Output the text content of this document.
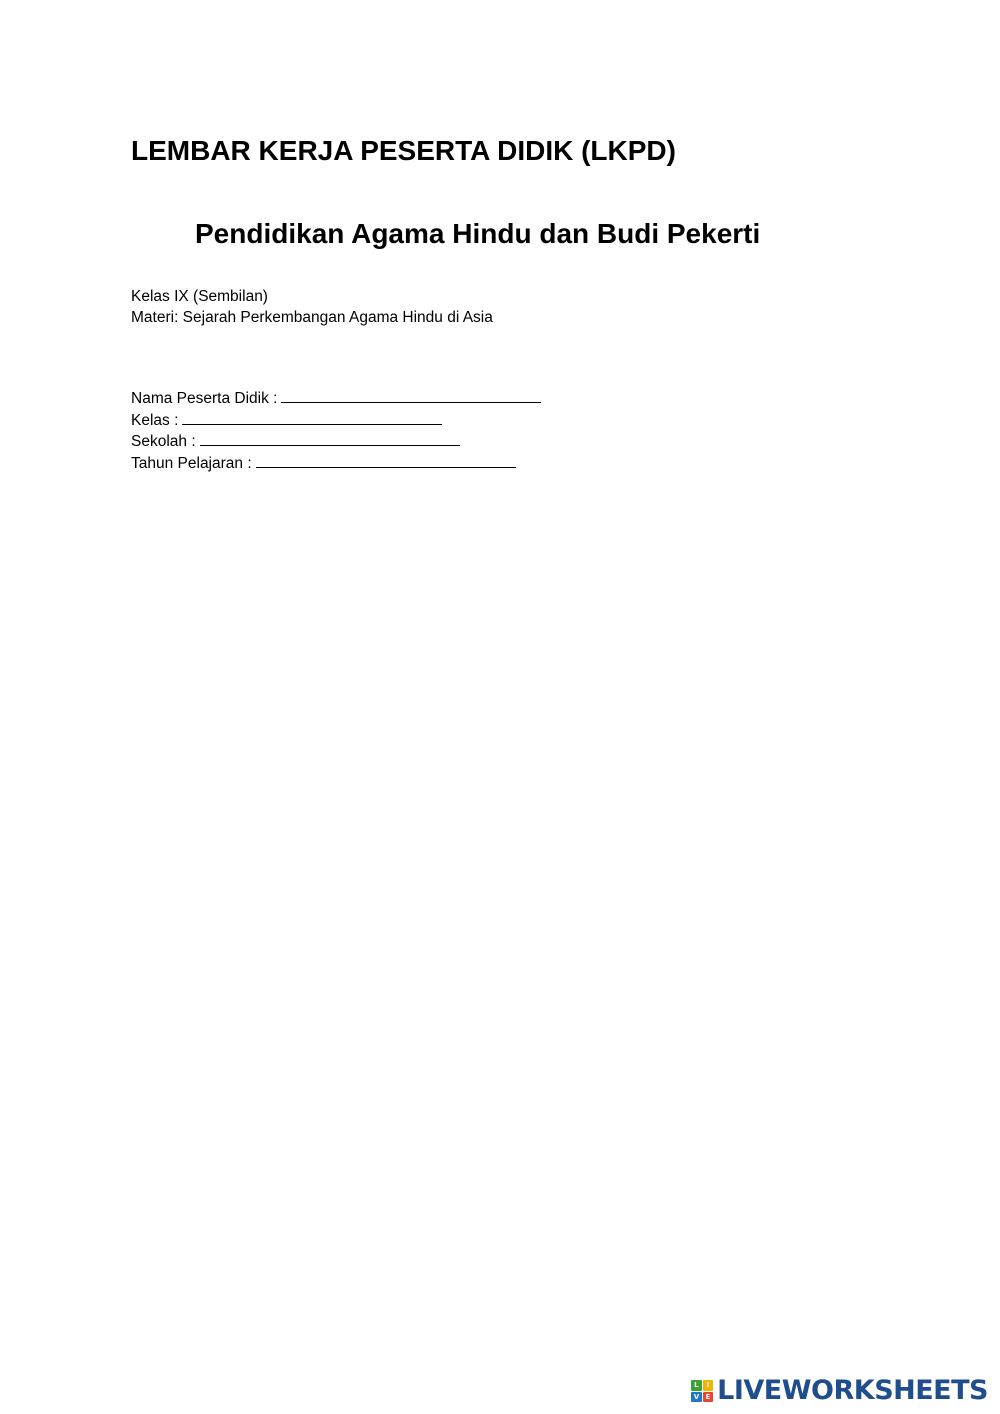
LEMBAR KERJA PESERTA DIDIK (LKPD)
Pendidikan Agama Hindu dan Budi Pekerti
Kelas IX (Sembilan)
Materi: Sejarah Perkembangan Agama Hindu di Asia
Nama Peserta Didik :
Kelas :
Sekolah :
Tahun Pelajaran :
L	I
V E LIVEWORKSHEETS
